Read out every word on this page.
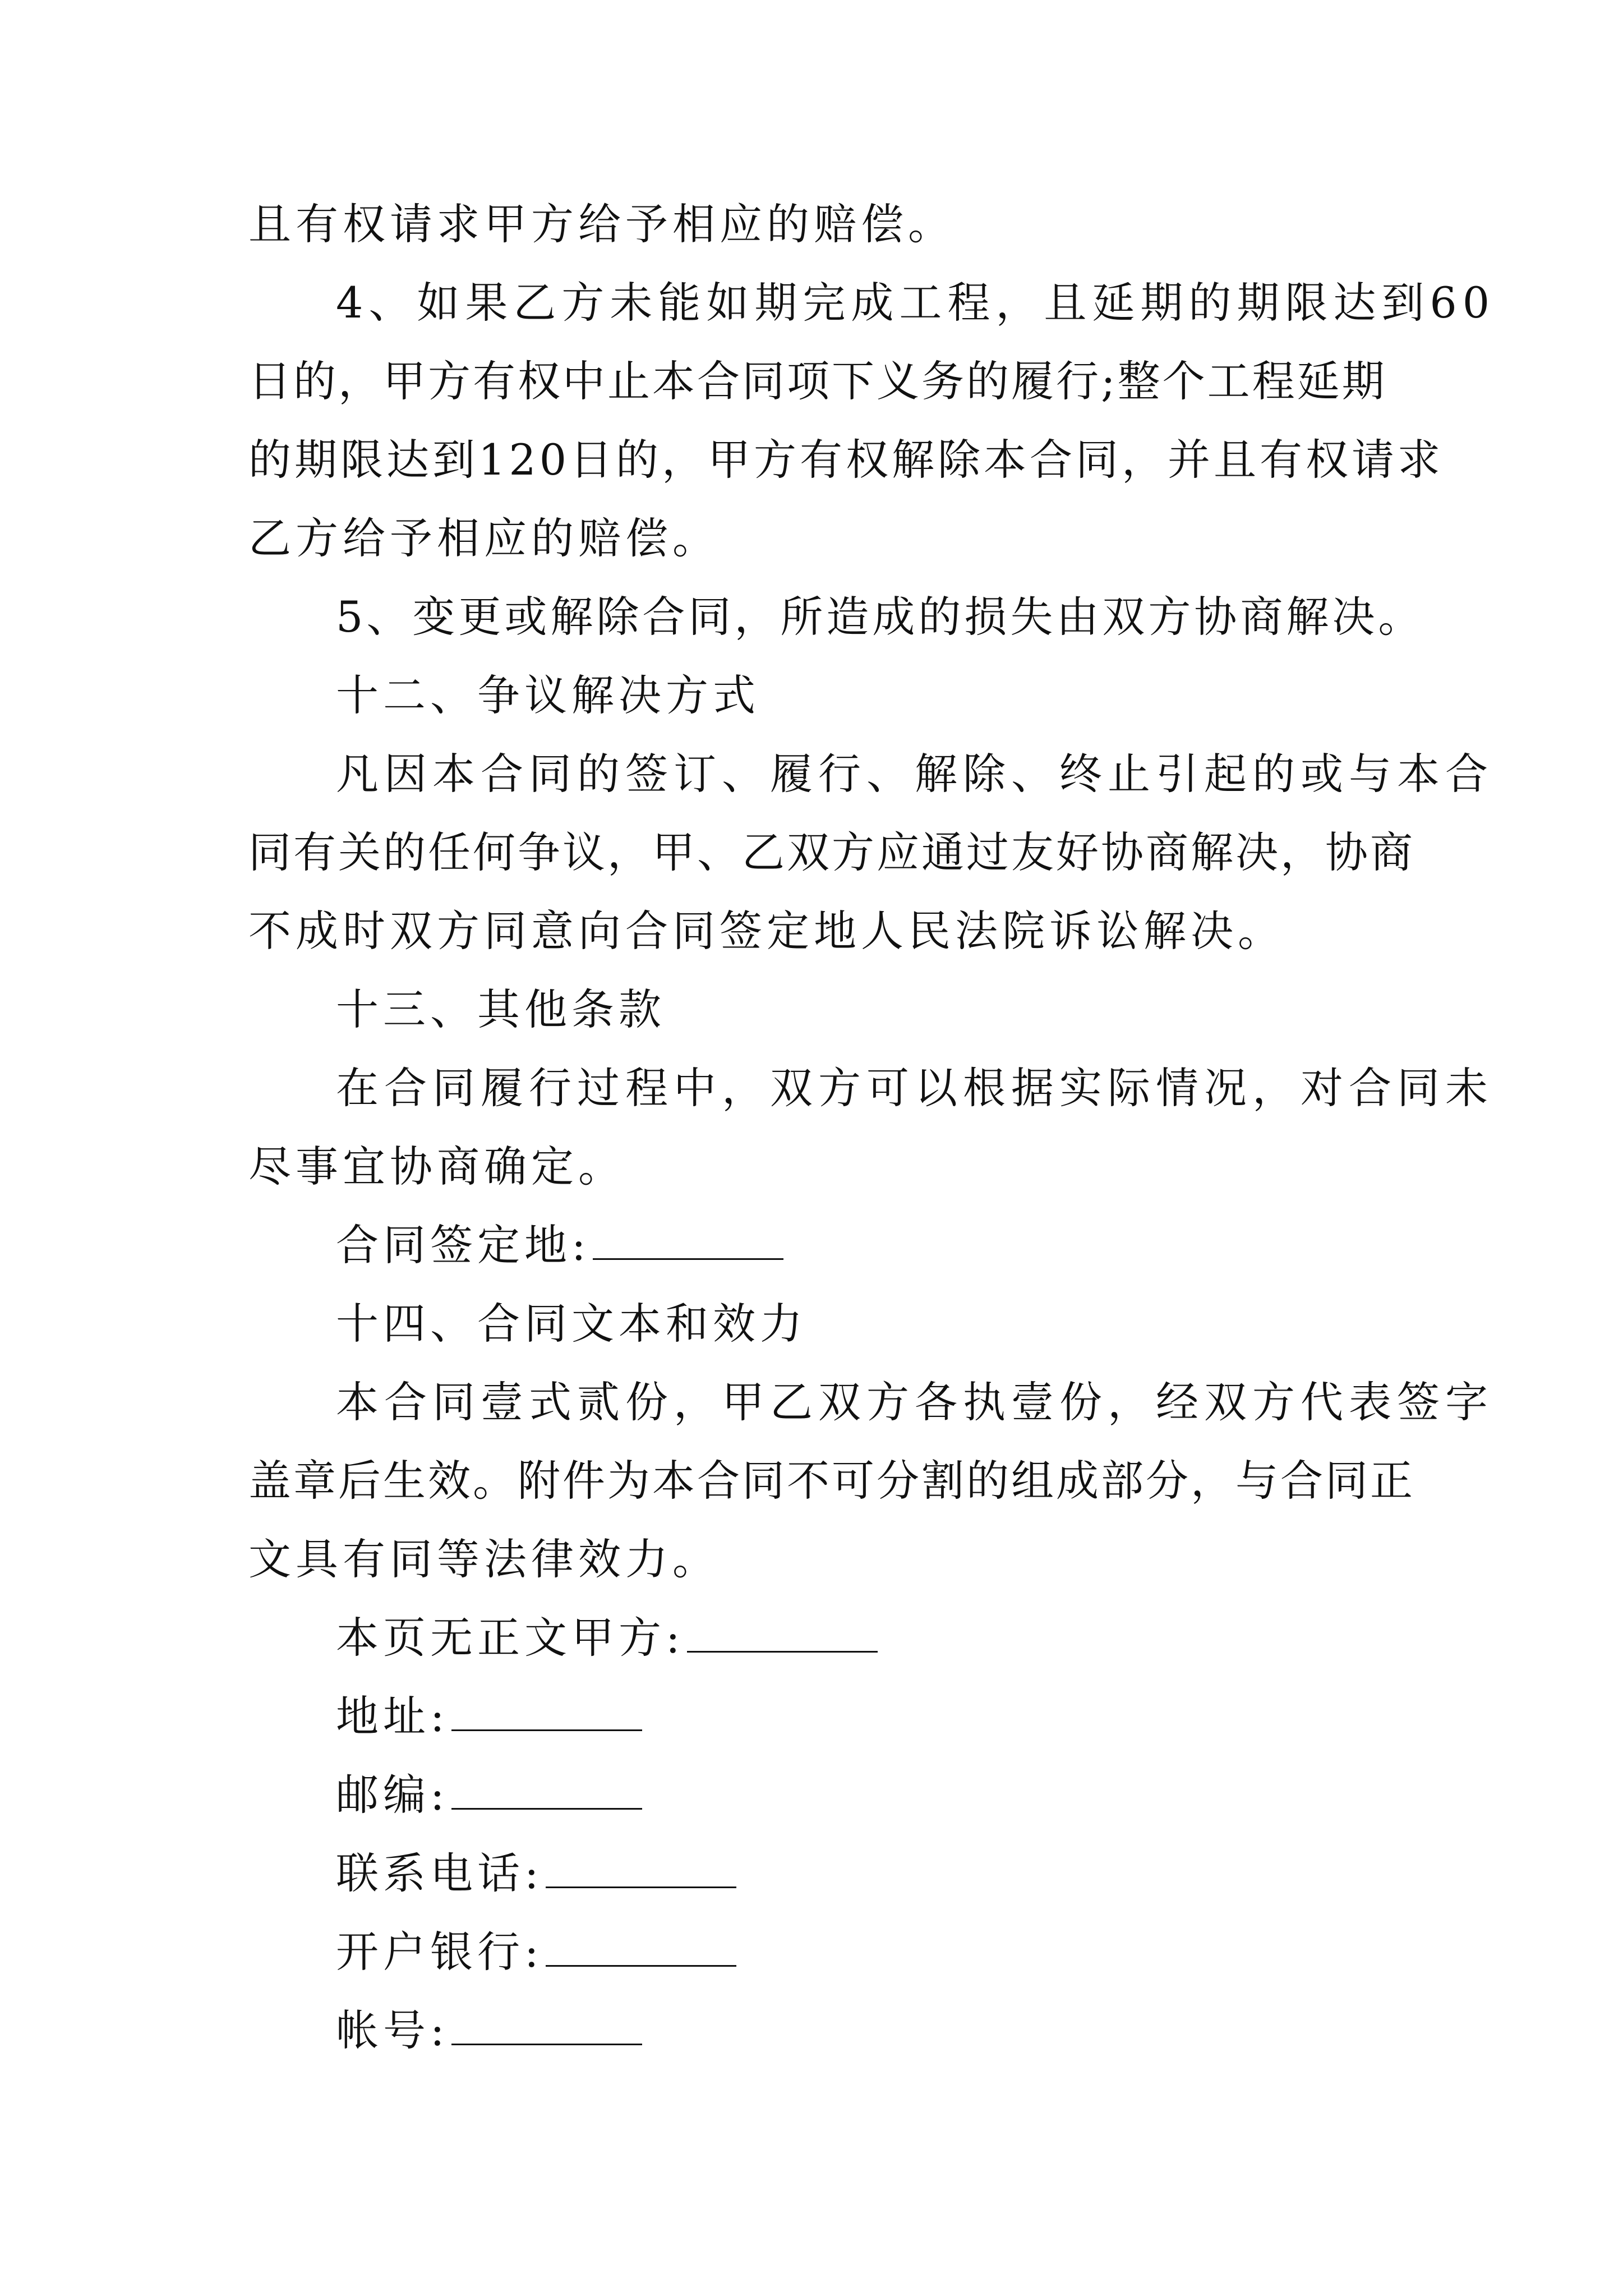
且有权请求甲方给予相应的赔偿。
4、如果乙方未能如期完成工程，且延期的期限达到60
日的，甲方有权中止本合同项下义务的履行;整个工程延期
的期限达到120日的，甲方有权解除本合同，并且有权请求
乙方给予相应的赔偿。
5、变更或解除合同，所造成的损失由双方协商解决。
十二、争议解决方式
凡因本合同的签订、履行、解除、终止引起的或与本合
同有关的任何争议，甲、乙双方应通过友好协商解决，协商
不成时双方同意向合同签定地人民法院诉讼解决。
十三、其他条款
在合同履行过程中，双方可以根据实际情况，对合同未
尽事宜协商确定。
合同签定地:
十四、合同文本和效力
本合同壹式贰份，甲乙双方各执壹份，经双方代表签字
盖章后生效。附件为本合同不可分割的组成部分，与合同正
文具有同等法律效力。
本页无正文甲方:
地址:
邮编:
联系电话:
开户银行:
帐号:
